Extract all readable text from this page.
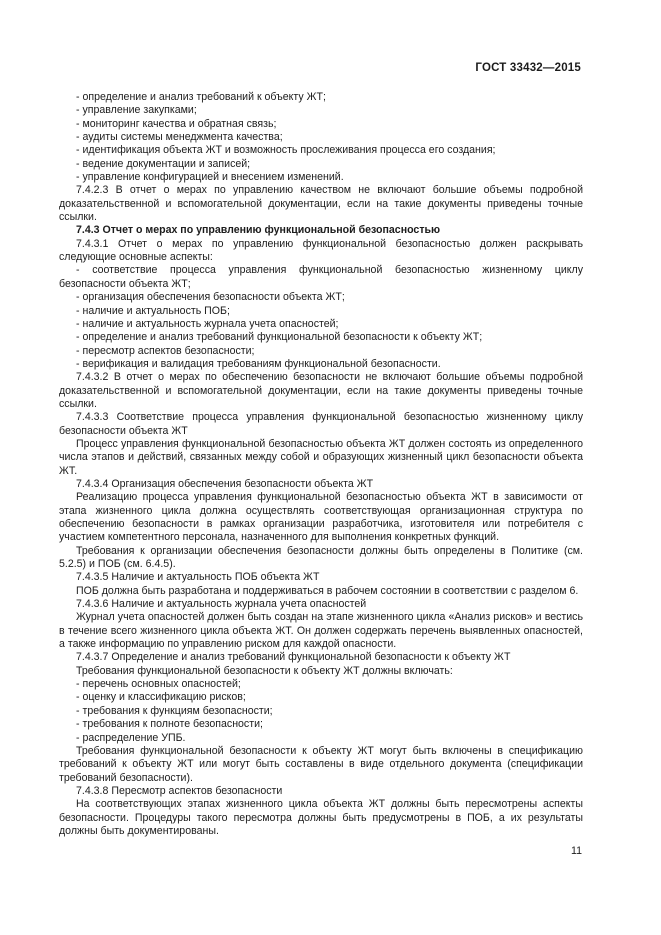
ГОСТ 33432—2015

- определение и анализ требований к объекту ЖТ;

- управление закупками;

- мониторинг качества и обратная связь;

- аудиты системы менеджмента качества;

- идентификация объекта ЖТ и возможность прослеживания процесса его создания;

- ведение документации и записей;

- управление конфигурацией и внесением изменений.

7.4.2.3 В отчет о мерах по управлению качеством не включают большие объемы подробной доказательственной и вспомогательной документации, если на такие документы приведены точные ссылки.

7.4.3 Отчет о мерах по управлению функциональной безопасностью

7.4.3.1 Отчет о мерах по управлению функциональной безопасностью должен раскрывать следующие основные аспекты:

- соответствие процесса управления функциональной безопасностью жизненному циклу безопасности объекта ЖТ;

- организация обеспечения безопасности объекта ЖТ;

- наличие и актуальность ПОБ;

- наличие и актуальность журнала учета опасностей;

- определение и анализ требований функциональной безопасности к объекту ЖТ;

- пересмотр аспектов безопасности;

- верификация и валидация требованиям функциональной безопасности.

7.4.3.2 В отчет о мерах по обеспечению безопасности не включают большие объемы подробной доказательственной и вспомогательной документации, если на такие документы приведены точные ссылки.

7.4.3.3 Соответствие процесса управления функциональной безопасностью жизненному циклу безопасности объекта ЖТ

Процесс управления функциональной безопасностью объекта ЖТ должен состоять из определенного числа этапов и действий, связанных между собой и образующих жизненный цикл безопасности объекта ЖТ.

7.4.3.4 Организация обеспечения безопасности объекта ЖТ

Реализацию процесса управления функциональной безопасностью объекта ЖТ в зависимости от этапа жизненного цикла должна осуществлять соответствующая организационная структура по обеспечению безопасности в рамках организации разработчика, изготовителя или потребителя с участием компетентного персонала, назначенного для выполнения конкретных функций.

Требования к организации обеспечения безопасности должны быть определены в Политике (см. 5.2.5) и ПОБ (см. 6.4.5).

7.4.3.5 Наличие и актуальность ПОБ объекта ЖТ

ПОБ должна быть разработана и поддерживаться в рабочем состоянии в соответствии с разделом 6.

7.4.3.6 Наличие и актуальность журнала учета опасностей

Журнал учета опасностей должен быть создан на этапе жизненного цикла «Анализ рисков» и вестись в течение всего жизненного цикла объекта ЖТ. Он должен содержать перечень выявленных опасностей, а также информацию по управлению риском для каждой опасности.

7.4.3.7 Определение и анализ требований функциональной безопасности к объекту ЖТ

Требования функциональной безопасности к объекту ЖТ должны включать:

- перечень основных опасностей;

- оценку и классификацию рисков;

- требования к функциям безопасности;

- требования к полноте безопасности;

- распределение УПБ.

Требования функциональной безопасности к объекту ЖТ могут быть включены в спецификацию требований к объекту ЖТ или могут быть составлены в виде отдельного документа (спецификации требований безопасности).

7.4.3.8 Пересмотр аспектов безопасности

На соответствующих этапах жизненного цикла объекта ЖТ должны быть пересмотрены аспекты безопасности. Процедуры такого пересмотра должны быть предусмотрены в ПОБ, а их результаты должны быть документированы.

11
